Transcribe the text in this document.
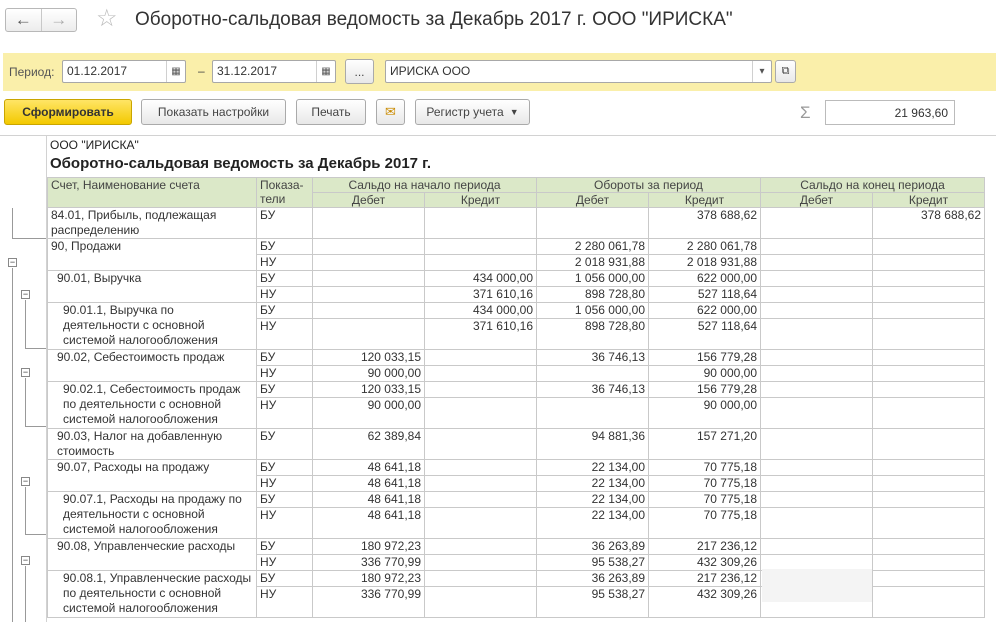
←	→	☆ Оборотно-сальдовая ведомость за Декабрь 2017 г. ООО "ИРИСКА"
Период:	01.12.2017	▦	–	31.12.2017	▦	...	ИРИСКА ООО	▾	⧉
Сформировать	Показать настройки	Печать	✉	Регистр учета ▼	Σ	21 963,60
ООО "ИРИСКА"
Оборотно-сальдовая ведомость за Декабрь 2017 г.
Счет, Наименование счета	Показа-
тели	Сальдо на начало периода		Обороты за период		Сальдо на конец периода	
		Дебет	Кредит	Дебет	Кредит	Дебет	Кредит
84.01, Прибыль, подлежащая распределению	БУ				378 688,62		378 688,62
90, Продажи	БУ			2 280 061,78	2 280 061,78		
	НУ			2 018 931,88	2 018 931,88		
90.01, Выручка	БУ		434 000,00	1 056 000,00	622 000,00		
	НУ		371 610,16	898 728,80	527 118,64		
90.01.1, Выручка по деятельности с основной системой налогообложения	БУ		434 000,00	1 056 000,00	622 000,00		
	НУ		371 610,16	898 728,80	527 118,64		
90.02, Себестоимость продаж	БУ	120 033,15		36 746,13	156 779,28		
	НУ	90 000,00			90 000,00		
90.02.1, Себестоимость продаж по деятельности с основной системой налогообложения	БУ	120 033,15		36 746,13	156 779,28		
	НУ	90 000,00			90 000,00		
90.03, Налог на добавленную стоимость	БУ	62 389,84		94 881,36	157 271,20		
90.07, Расходы на продажу	БУ	48 641,18		22 134,00	70 775,18		
	НУ	48 641,18		22 134,00	70 775,18		
90.07.1, Расходы на продажу по деятельности с основной системой налогообложения	БУ	48 641,18		22 134,00	70 775,18		
	НУ	48 641,18		22 134,00	70 775,18		
90.08, Управленческие расходы	БУ	180 972,23		36 263,89	217 236,12		
	НУ	336 770,99		95 538,27	432 309,26		
90.08.1, Управленческие расходы по деятельности с основной системой налогообложения	БУ	180 972,23		36 263,89	217 236,12		
	НУ	336 770,99		95 538,27	432 309,26		
−
−
−
−
−
